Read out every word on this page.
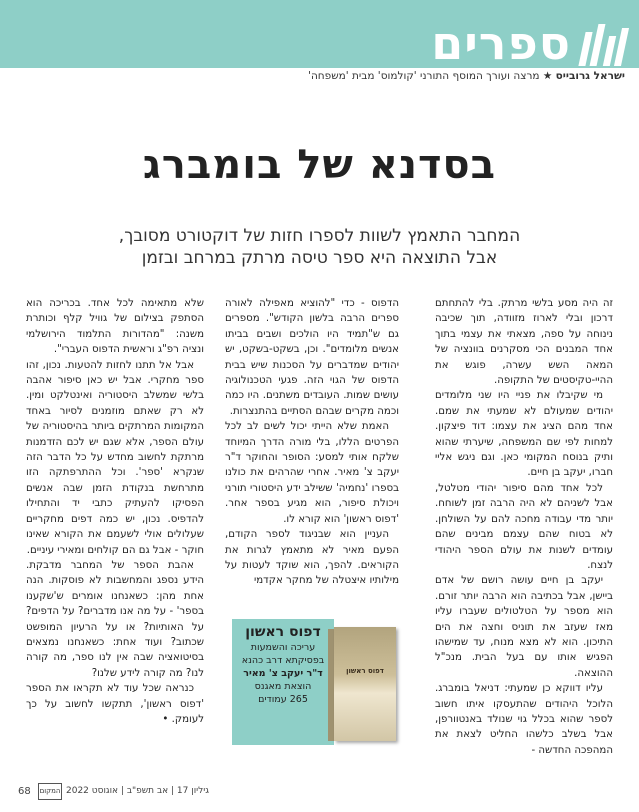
ספרים
ישראל גרובייס ★ מרצה ועורך המוסף התורני 'קולמוס' מבית 'משפחה'
בסדנא של בומברג
המחבר התאמץ לשוות לספרו חזות של דוקטורט מסובך,
אבל התוצאה היא ספר טיסה מרתק במרחב ובזמן

זה היה מסע בלשי מרתק. בלי להתחתם דרכון ובלי לארוז מזוודה, תוך שכיבה נינוחה על ספה, מצאתי את עצמי בתוך אחד המבנים הכי מסקרנים בוונציה של המאה השש עשרה, פוגש את ההיי-טקיסטים של התקופה.

מי שקיבלו את פניי היו שני מלומדים יהודים שמעולם לא שמעתי את שמם. אחד מהם הציג את עצמו: דוד פיצקון. למחות לפי שם המשפחה, שיערתי שהוא ותיק בנוסח המקומי כאן. וגם ניגש אליי חברו, יעקב בן חיים.

לכל אחד מהם סיפור יהודי מטלטל, אבל לשניהם לא היה הרבה זמן לשוחח. יותר מדי עבודה מחכה להם על השולחן. לא בטוח שהם עצמם מבינים שהם עומדים לשנות את עולם הספר היהודי לנצח.

יעקב בן חיים עושה רושם של אדם ביישן, אבל בכתיבה הוא הרבה יותר זורם. הוא מספר על הטלטולים שעברו עליו מאז שעזב את תוניס וחצה את הים התיכון. הוא לא מצא מנוח, עד שמישהו הפגיש אותו עם בעל הבית. מנכ"ל ההוצאה.

עליו דווקא כן שמעתי: דניאל בומברג. הלוכל היהודים שהתעסקו איתו חשוב לספר שהוא בכלל גוי שנולד באנטוורפן, אבל בשלב כלשהו החליט לצאת את המהפכה החדשה -

הדפוס - כדי "להוציא מאפילה לאורה ספרים הרבה בלשון הקודש". מספרים גם ש"תמיד היו הולכים ושבים בביתו אנשים מלומדים". וכן, בשקט-בשקט, יש יהודים שמדברים על הסכנות שיש בבית הדפוס של הגוי הזה. פגעי הטכנולוגיה עושים שמות. העובדים משתנים. היו כמה וכמה מקרים שבהם הסתיים בהתנצרות.

האמת שלא הייתי יכול לשים לב לכל הפרטים הללו, בלי מורה הדרך המיוחד שלקח אותי למסע: הסופר והחוקר ד"ר יעקב צ' מאיר. אחרי שהרהים את כולנו בספרו 'נחמיה' ששילב ידע היסטורי תורני ויכולת סיפור, הוא מגיע בספר אחר. 'דפוס ראשון' הוא קורא לו.

העניין הוא שבניגוד לספר הקודם, הפעם מאיר לא מתאמץ לגרות את הקוראים. להפך, הוא שוקד לעטות על מילותיו איצטלה של מחקר אקדמי

שלא מתאימה לכל אחד. בכריכה הוא הסתפק בצילום של גוויל קלף וכותרת משנה: "מהדורות התלמוד הירושלמי ונציה רפ"ג וראשית הדפוס העברי".

אבל אל תתנו לחזות להטעות. נכון, זהו ספר מחקרי. אבל יש כאן סיפור אהבה בלשי שמשלב היסטוריה ואינטלקט ומין. לא רק שאתם מוזמנים לסיור באחד המקומות המרתקים ביותר בהיסטוריה של עולם הספר, אלא שגם יש לכם הזדמנות מרתקת לחשוב מחדש על כל הדבר הזה שנקרא 'ספר'. וכל ההתרפתקה הזו מתרחשת בנקודת הזמן שבה אנשים הפסיקו להעתיק כתבי יד והתחילו להדפיס. נכון, יש כמה דפים מחקריים שעלולים אולי לשעמם את הקורא שאינו חוקר - אבל גם הם קולחים ומאירי עיניים.

אהבת הספר של המחבר מדבקת. הידע נספג והמחשבות לא פוסקות. הנה אחת מהן: כשאנחנו אומרים ש'שקענו בספר' - על מה אנו מדברים? על הדפים? על האותיות? או על הרעיון המופשט שכתוב? ועוד אחת: כשאנחנו נמצאים בסיטואציה שבה אין לנו ספר, מה קורה לנו? מה קורה לידע שלנו?

כנראה שכל עוד לא תקראו את הספר 'דפוס ראשון', תתקשו לחשוב על כך לעומק. •

דפוס ראשון
עריכה והשמעות
בפסיקתא דרב כהנא
ד"ר יעקב צ' מאיר
הוצאת מאגנס
265 עמודים
דפוס ראשון
68 המקום גיליון 17 | אב תשפ"ב | אוגוסט 2022
